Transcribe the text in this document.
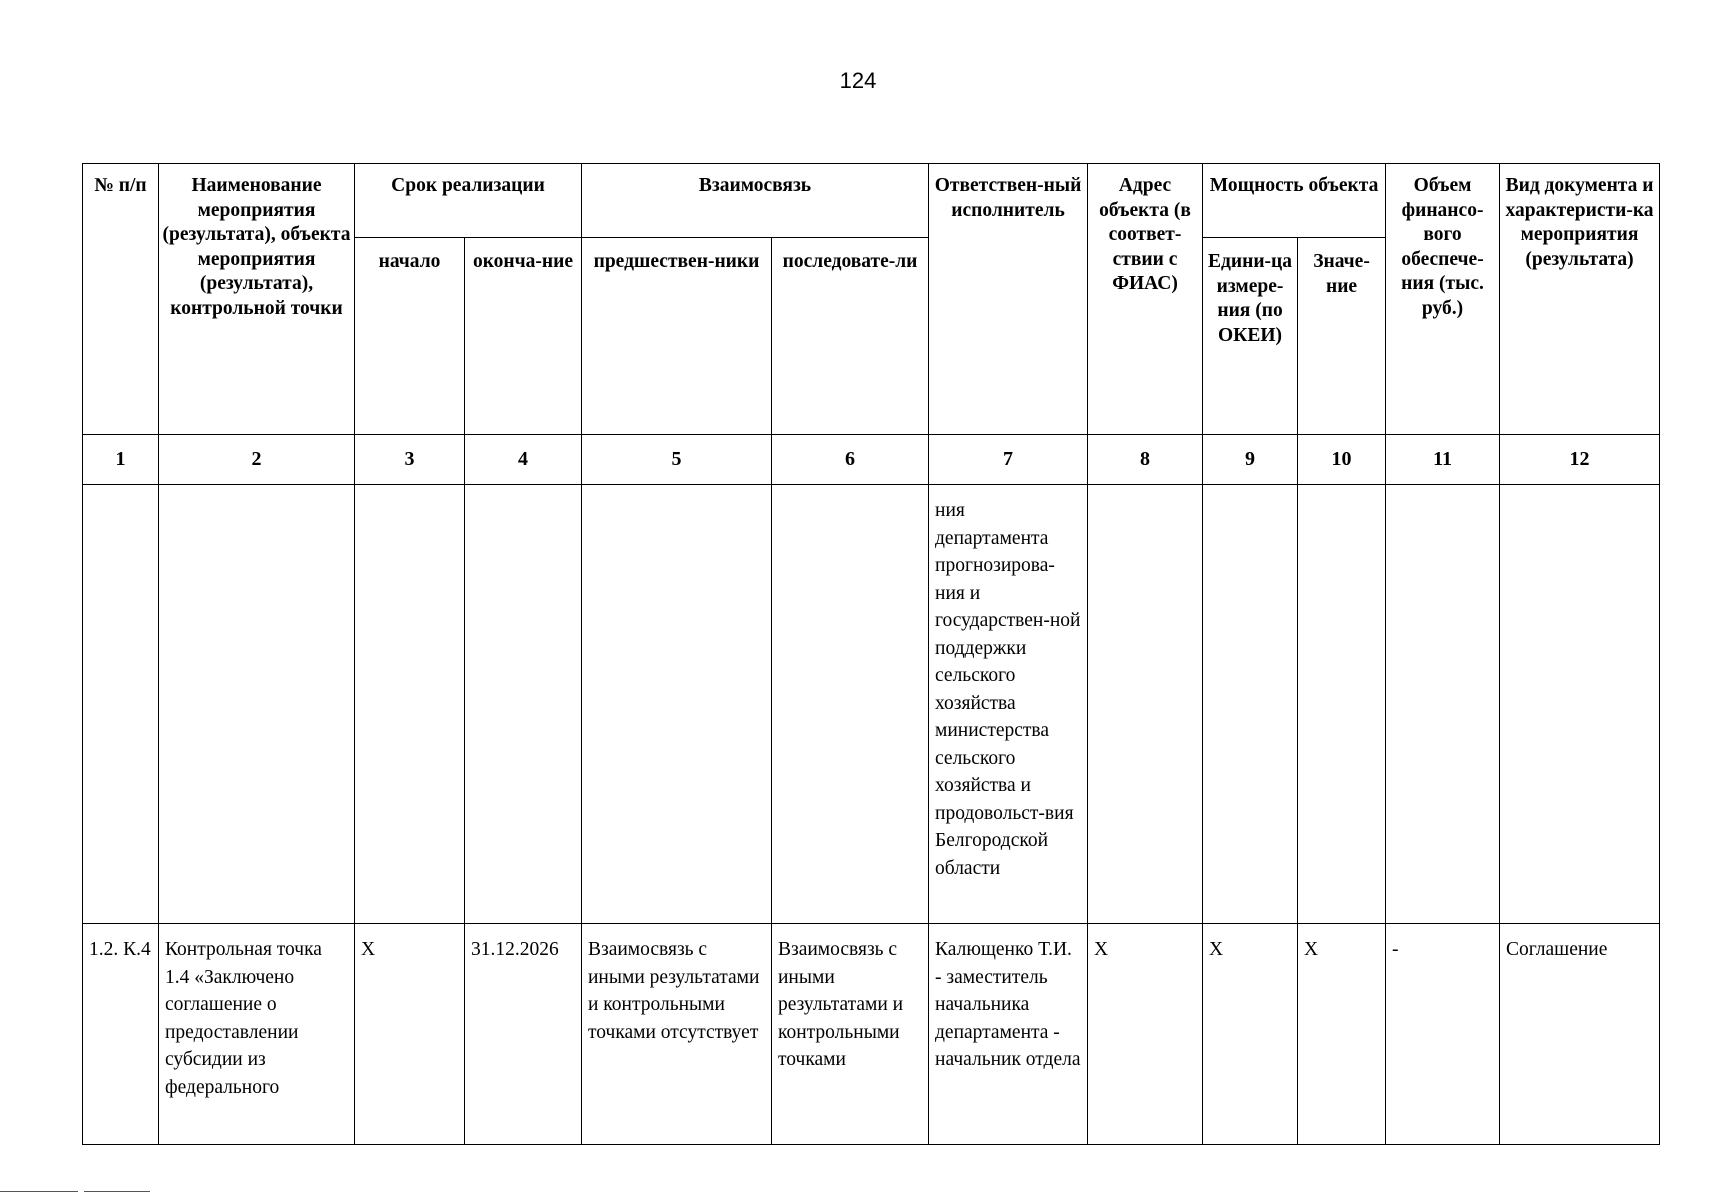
124
№ п/п	Наименование мероприятия (результата), объекта мероприятия (результата), контрольной точки	Срок реализации		Взаимосвязь		Ответствен-ный исполнитель	Адрес объекта (в соответ-ствии с ФИАС)	Мощность объекта		Объем финансо-вого обеспече-ния (тыс. руб.)	Вид документа и характеристи-ка мероприятия (результата)
		начало	оконча-ние	предшествен-ники	последовате-ли			Едини-ца измере-ния (по ОКЕИ)	Значе-ние		
1	2	3	4	5	6	7	8	9	10	11	12
						ния департамента прогнозирова-ния и государствен-ной поддержки сельского хозяйства министерства сельского хозяйства и продовольст-вия Белгородской области					
1.2. К.4	Контрольная точка 1.4 «Заключено соглашение о предоставлении субсидии из федерального	Х	31.12.2026	Взаимосвязь с иными результатами и контрольными точками отсутствует	Взаимосвязь с иными результатами и контрольными точками	Калющенко Т.И. - заместитель начальника департамента - начальник отдела	Х	Х	Х	-	Соглашение
